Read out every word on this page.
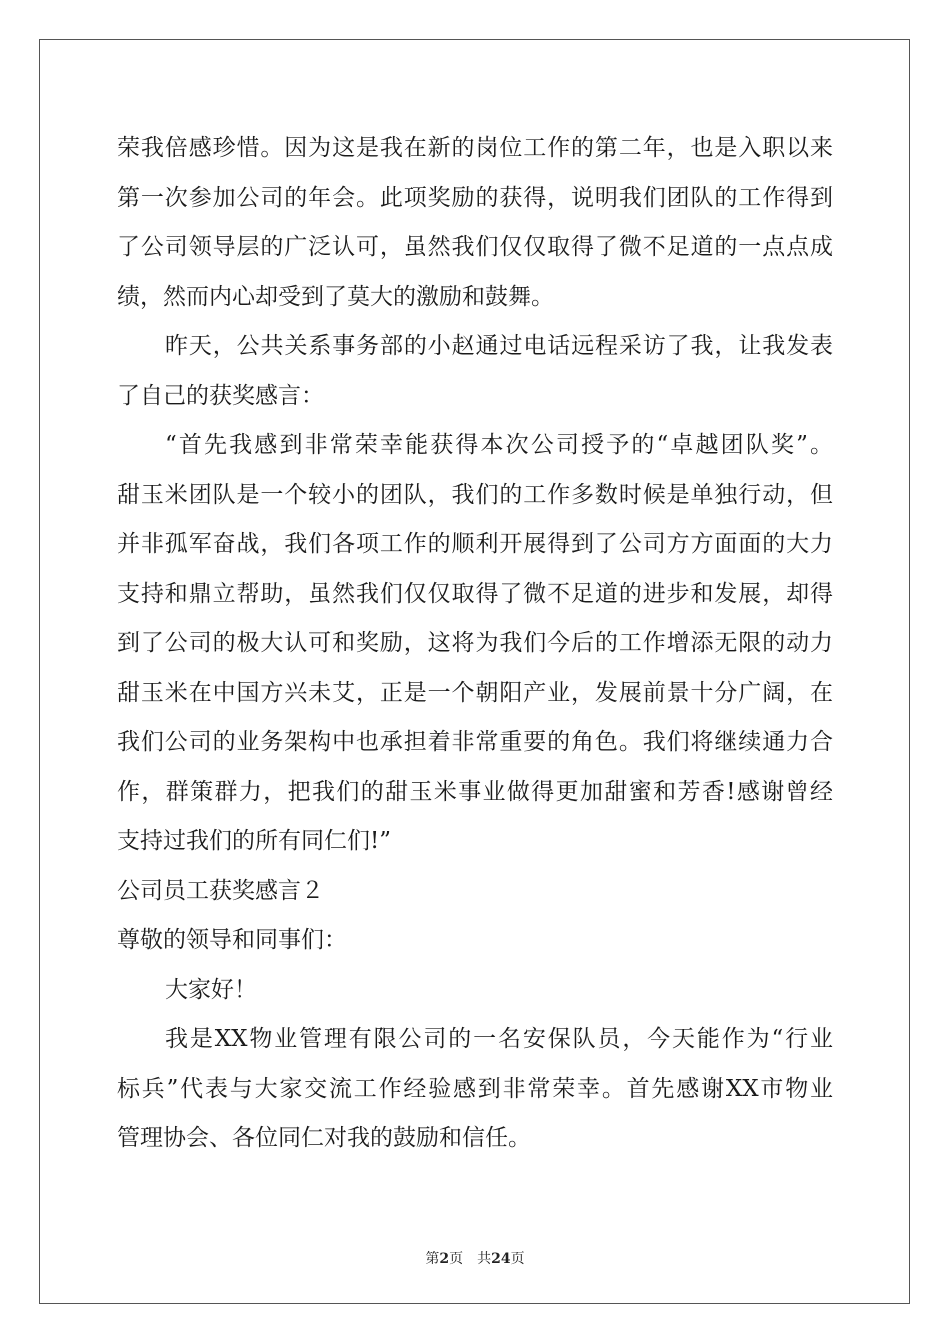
荣我倍感珍惜。因为这是我在新的岗位工作的第二年，也是入职以来
第一次参加公司的年会。此项奖励的获得，说明我们团队的工作得到
了公司领导层的广泛认可，虽然我们仅仅取得了微不足道的一点点成
绩，然而内心却受到了莫大的激励和鼓舞。
昨天，公共关系事务部的小赵通过电话远程采访了我，让我发表
了自己的获奖感言：
“首先我感到非常荣幸能获得本次公司授予的“卓越团队奖”。
甜玉米团队是一个较小的团队，我们的工作多数时候是单独行动，但
并非孤军奋战，我们各项工作的顺利开展得到了公司方方面面的大力
支持和鼎立帮助，虽然我们仅仅取得了微不足道的进步和发展，却得
到了公司的极大认可和奖励，这将为我们今后的工作增添无限的动力
甜玉米在中国方兴未艾，正是一个朝阳产业，发展前景十分广阔，在
我们公司的业务架构中也承担着非常重要的角色。我们将继续通力合
作，群策群力，把我们的甜玉米事业做得更加甜蜜和芳香!感谢曾经
支持过我们的所有同仁们!”
公司员工获奖感言２
尊敬的领导和同事们：
大家好！
我是XX物业管理有限公司的一名安保队员，今天能作为“行业
标兵”代表与大家交流工作经验感到非常荣幸。首先感谢XX市物业
管理协会、各位同仁对我的鼓励和信任。
第2页　共24页
